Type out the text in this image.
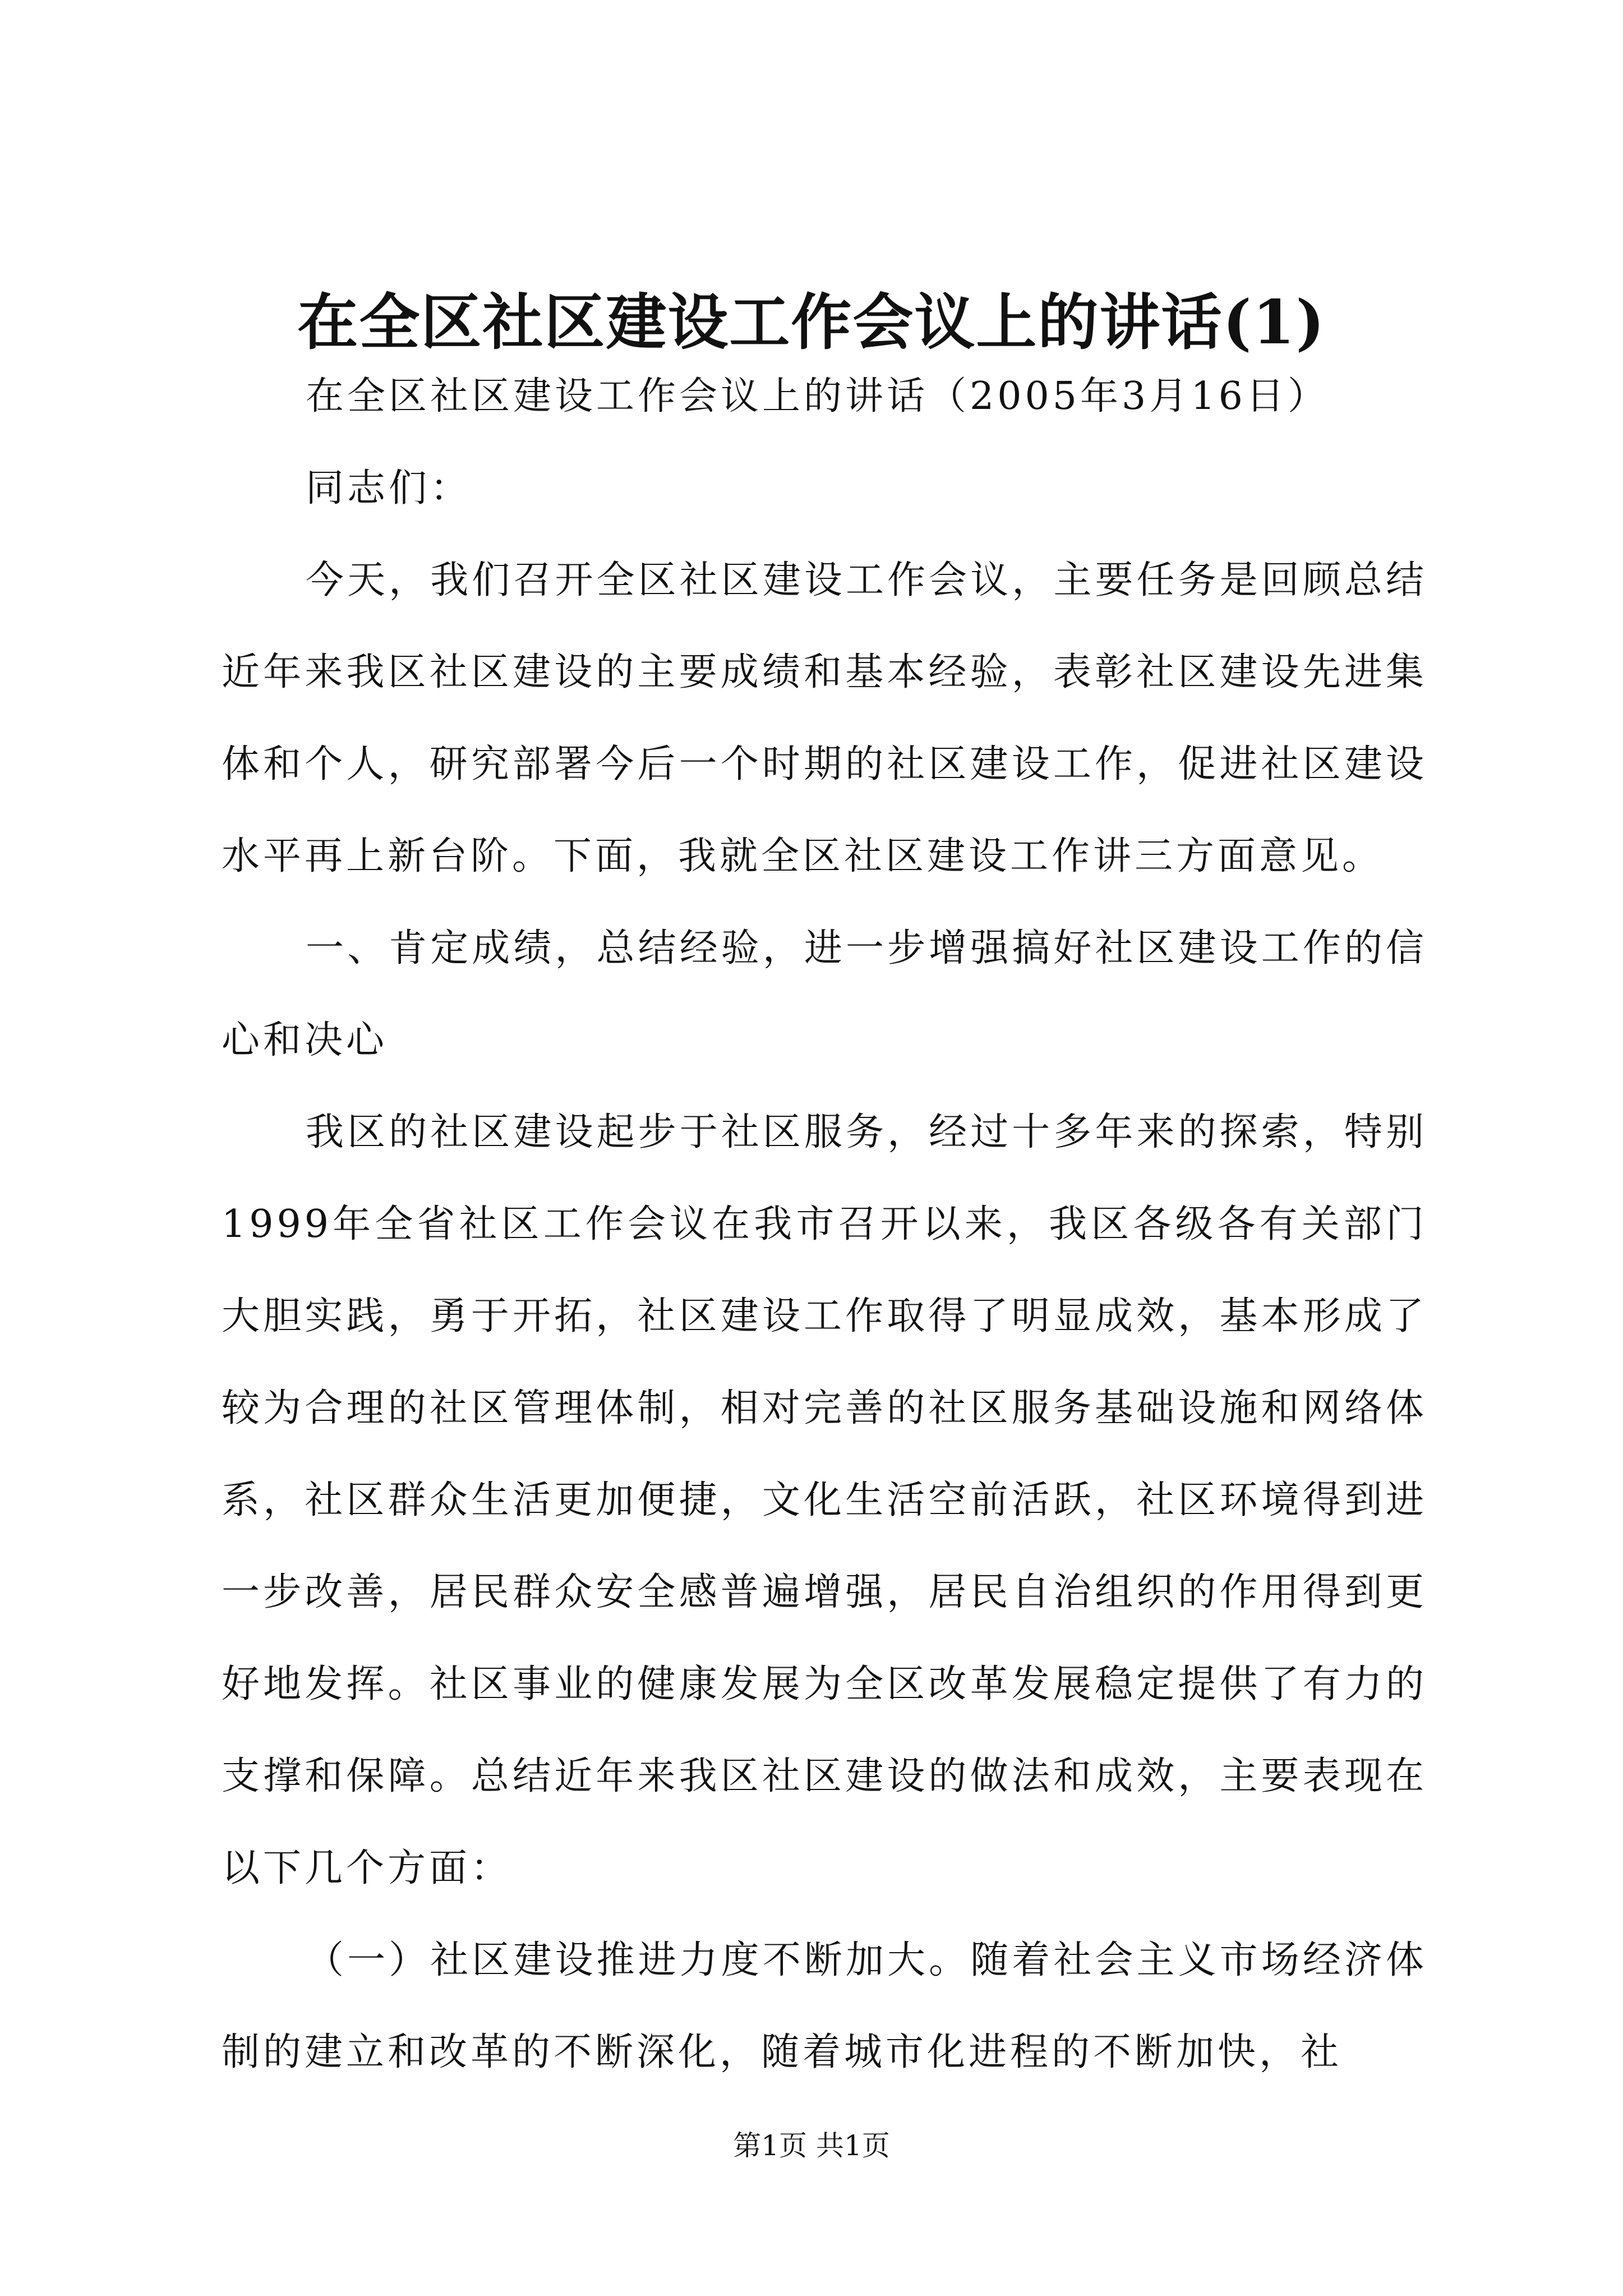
在全区社区建设工作会议上的讲话(1)

在全区社区建设工作会议上的讲话（2005年3月16日）

同志们：

今天，我们召开全区社区建设工作会议，主要任务是回顾总结近年来我区社区建设的主要成绩和基本经验，表彰社区建设先进集体和个人，研究部署今后一个时期的社区建设工作，促进社区建设水平再上新台阶。下面，我就全区社区建设工作讲三方面意见。

一、肯定成绩，总结经验，进一步增强搞好社区建设工作的信心和决心

我区的社区建设起步于社区服务，经过十多年来的探索，特别1999年全省社区工作会议在我市召开以来，我区各级各有关部门大胆实践，勇于开拓，社区建设工作取得了明显成效，基本形成了较为合理的社区管理体制，相对完善的社区服务基础设施和网络体系，社区群众生活更加便捷，文化生活空前活跃，社区环境得到进一步改善，居民群众安全感普遍增强，居民自治组织的作用得到更好地发挥。社区事业的健康发展为全区改革发展稳定提供了有力的支撑和保障。总结近年来我区社区建设的做法和成效，主要表现在以下几个方面：

（一）社区建设推进力度不断加大。随着社会主义市场经济体制的建立和改革的不断深化，随着城市化进程的不断加快，社

第1页 共1页
